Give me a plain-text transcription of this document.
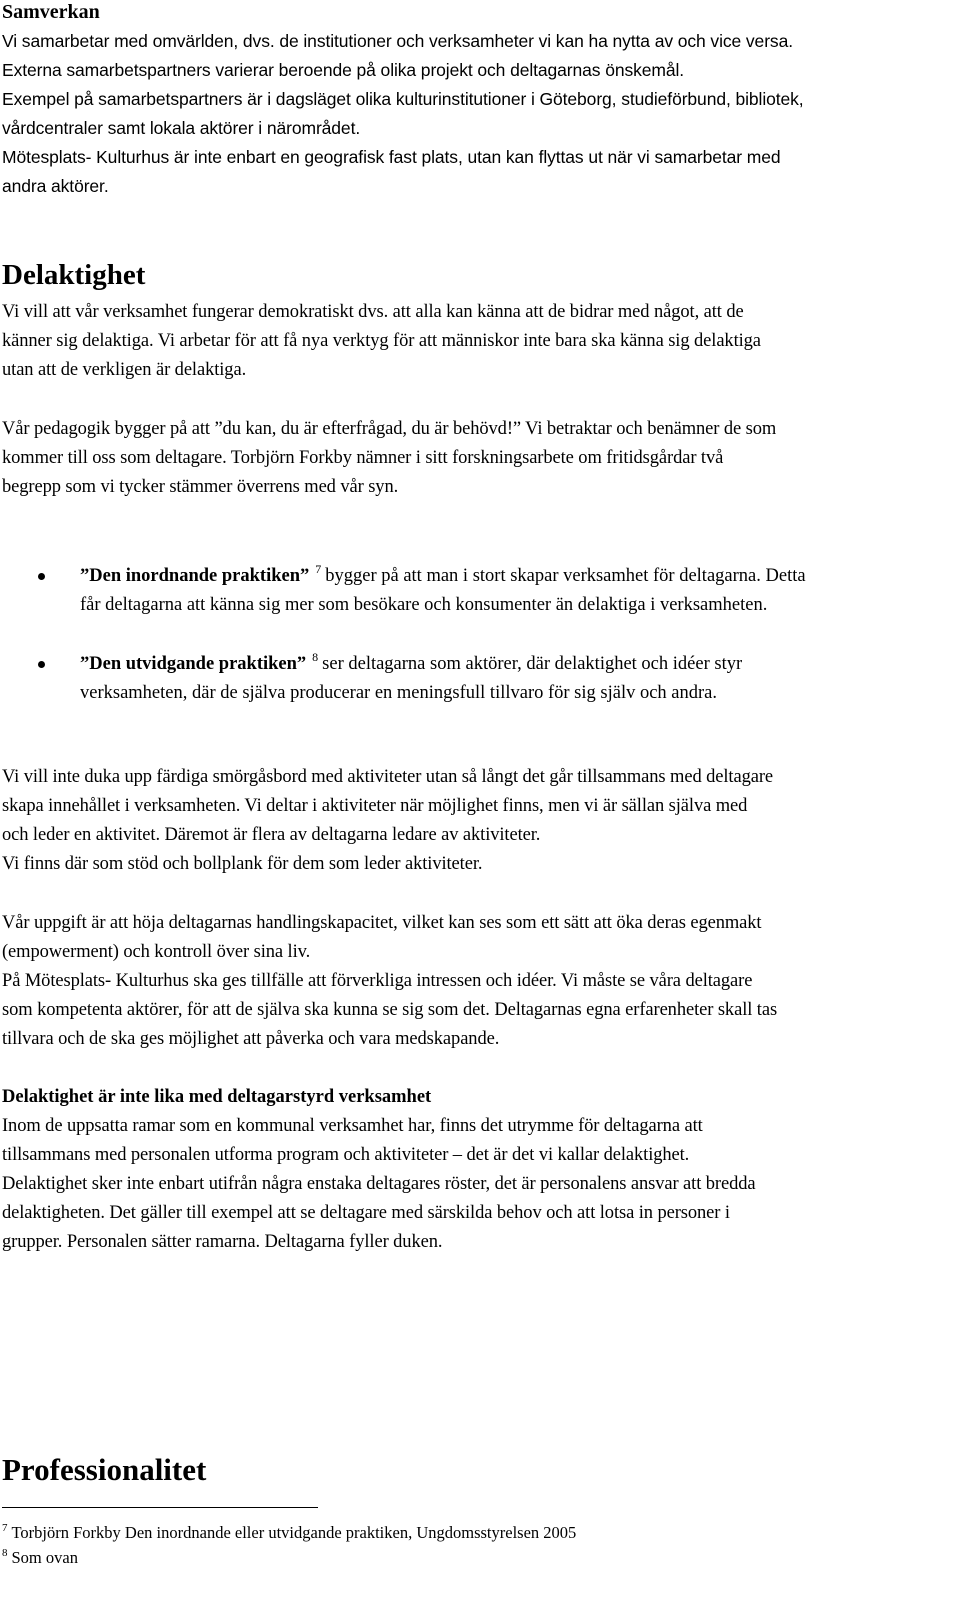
Samverkan
Vi samarbetar med omvärlden, dvs. de institutioner och verksamheter vi kan ha nytta av och vice versa.
Externa samarbetspartners varierar beroende på olika projekt och deltagarnas önskemål.
Exempel på samarbetspartners är i dagsläget olika kulturinstitutioner i Göteborg, studieförbund, bibliotek,
vårdcentraler samt lokala aktörer i närområdet.
Mötesplats- Kulturhus är inte enbart en geografisk fast plats, utan kan flyttas ut när vi samarbetar med
andra aktörer.
Delaktighet
Vi vill att vår verksamhet fungerar demokratiskt dvs. att alla kan känna att de bidrar med något, att de
känner sig delaktiga. Vi arbetar för att få nya verktyg för att människor inte bara ska känna sig delaktiga
utan att de verkligen är delaktiga.
Vår pedagogik bygger på att ”du kan, du är efterfrågad, du är behövd!” Vi betraktar och benämner de som
kommer till oss som deltagare. Torbjörn Forkby nämner i sitt forskningsarbete om fritidsgårdar två
begrepp som vi tycker stämmer överrens med vår syn.
”Den inordnande praktiken” $^7$ bygger på att man i stort skapar verksamhet för deltagarna. Detta
får deltagarna att känna sig mer som besökare och konsumenter än delaktiga i verksamheten.
”Den utvidgande praktiken” $^8$ ser deltagarna som aktörer, där delaktighet och idéer styr
verksamheten, där de själva producerar en meningsfull tillvaro för sig själv och andra.
Vi vill inte duka upp färdiga smörgåsbord med aktiviteter utan så långt det går tillsammans med deltagare
skapa innehållet i verksamheten. Vi deltar i aktiviteter när möjlighet finns, men vi är sällan själva med
och leder en aktivitet. Däremot är flera av deltagarna ledare av aktiviteter.
Vi finns där som stöd och bollplank för dem som leder aktiviteter.
Vår uppgift är att höja deltagarnas handlingskapacitet, vilket kan ses som ett sätt att öka deras egenmakt
(empowerment) och kontroll över sina liv.
På Mötesplats- Kulturhus ska ges tillfälle att förverkliga intressen och idéer. Vi måste se våra deltagare
som kompetenta aktörer, för att de själva ska kunna se sig som det. Deltagarnas egna erfarenheter skall tas
tillvara och de ska ges möjlighet att påverka och vara medskapande.
Delaktighet är inte lika med deltagarstyrd verksamhet
Inom de uppsatta ramar som en kommunal verksamhet har, finns det utrymme för deltagarna att
tillsammans med personalen utforma program och aktiviteter – det är det vi kallar delaktighet.
Delaktighet sker inte enbart utifrån några enstaka deltagares röster, det är personalens ansvar att bredda
delaktigheten. Det gäller till exempel att se deltagare med särskilda behov och att lotsa in personer i
grupper. Personalen sätter ramarna. Deltagarna fyller duken.
Professionalitet
$^7$ Torbjörn Forkby Den inordnande eller utvidgande praktiken, Ungdomsstyrelsen 2005
$^8$ Som ovan
